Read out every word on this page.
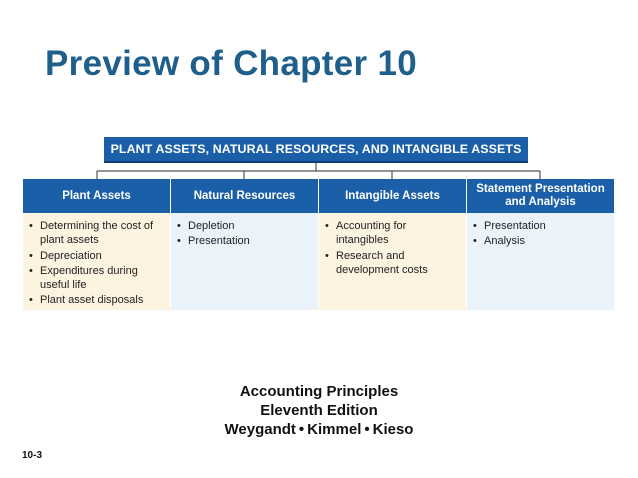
Preview of Chapter 10
PLANT ASSETS, NATURAL RESOURCES, AND INTANGIBLE ASSETS
Plant Assets	Natural Resources	Intangible Assets
Statement Presentation and Analysis
• Determining the cost of plant assets
• Depreciation
• Expenditures during useful life
• Plant asset disposals
• Depletion
• Presentation
• Accounting for intangibles
• Research and development costs
• Presentation
• Analysis
Accounting Principles
Eleventh Edition
Weygandt • Kimmel • Kieso
10-3
